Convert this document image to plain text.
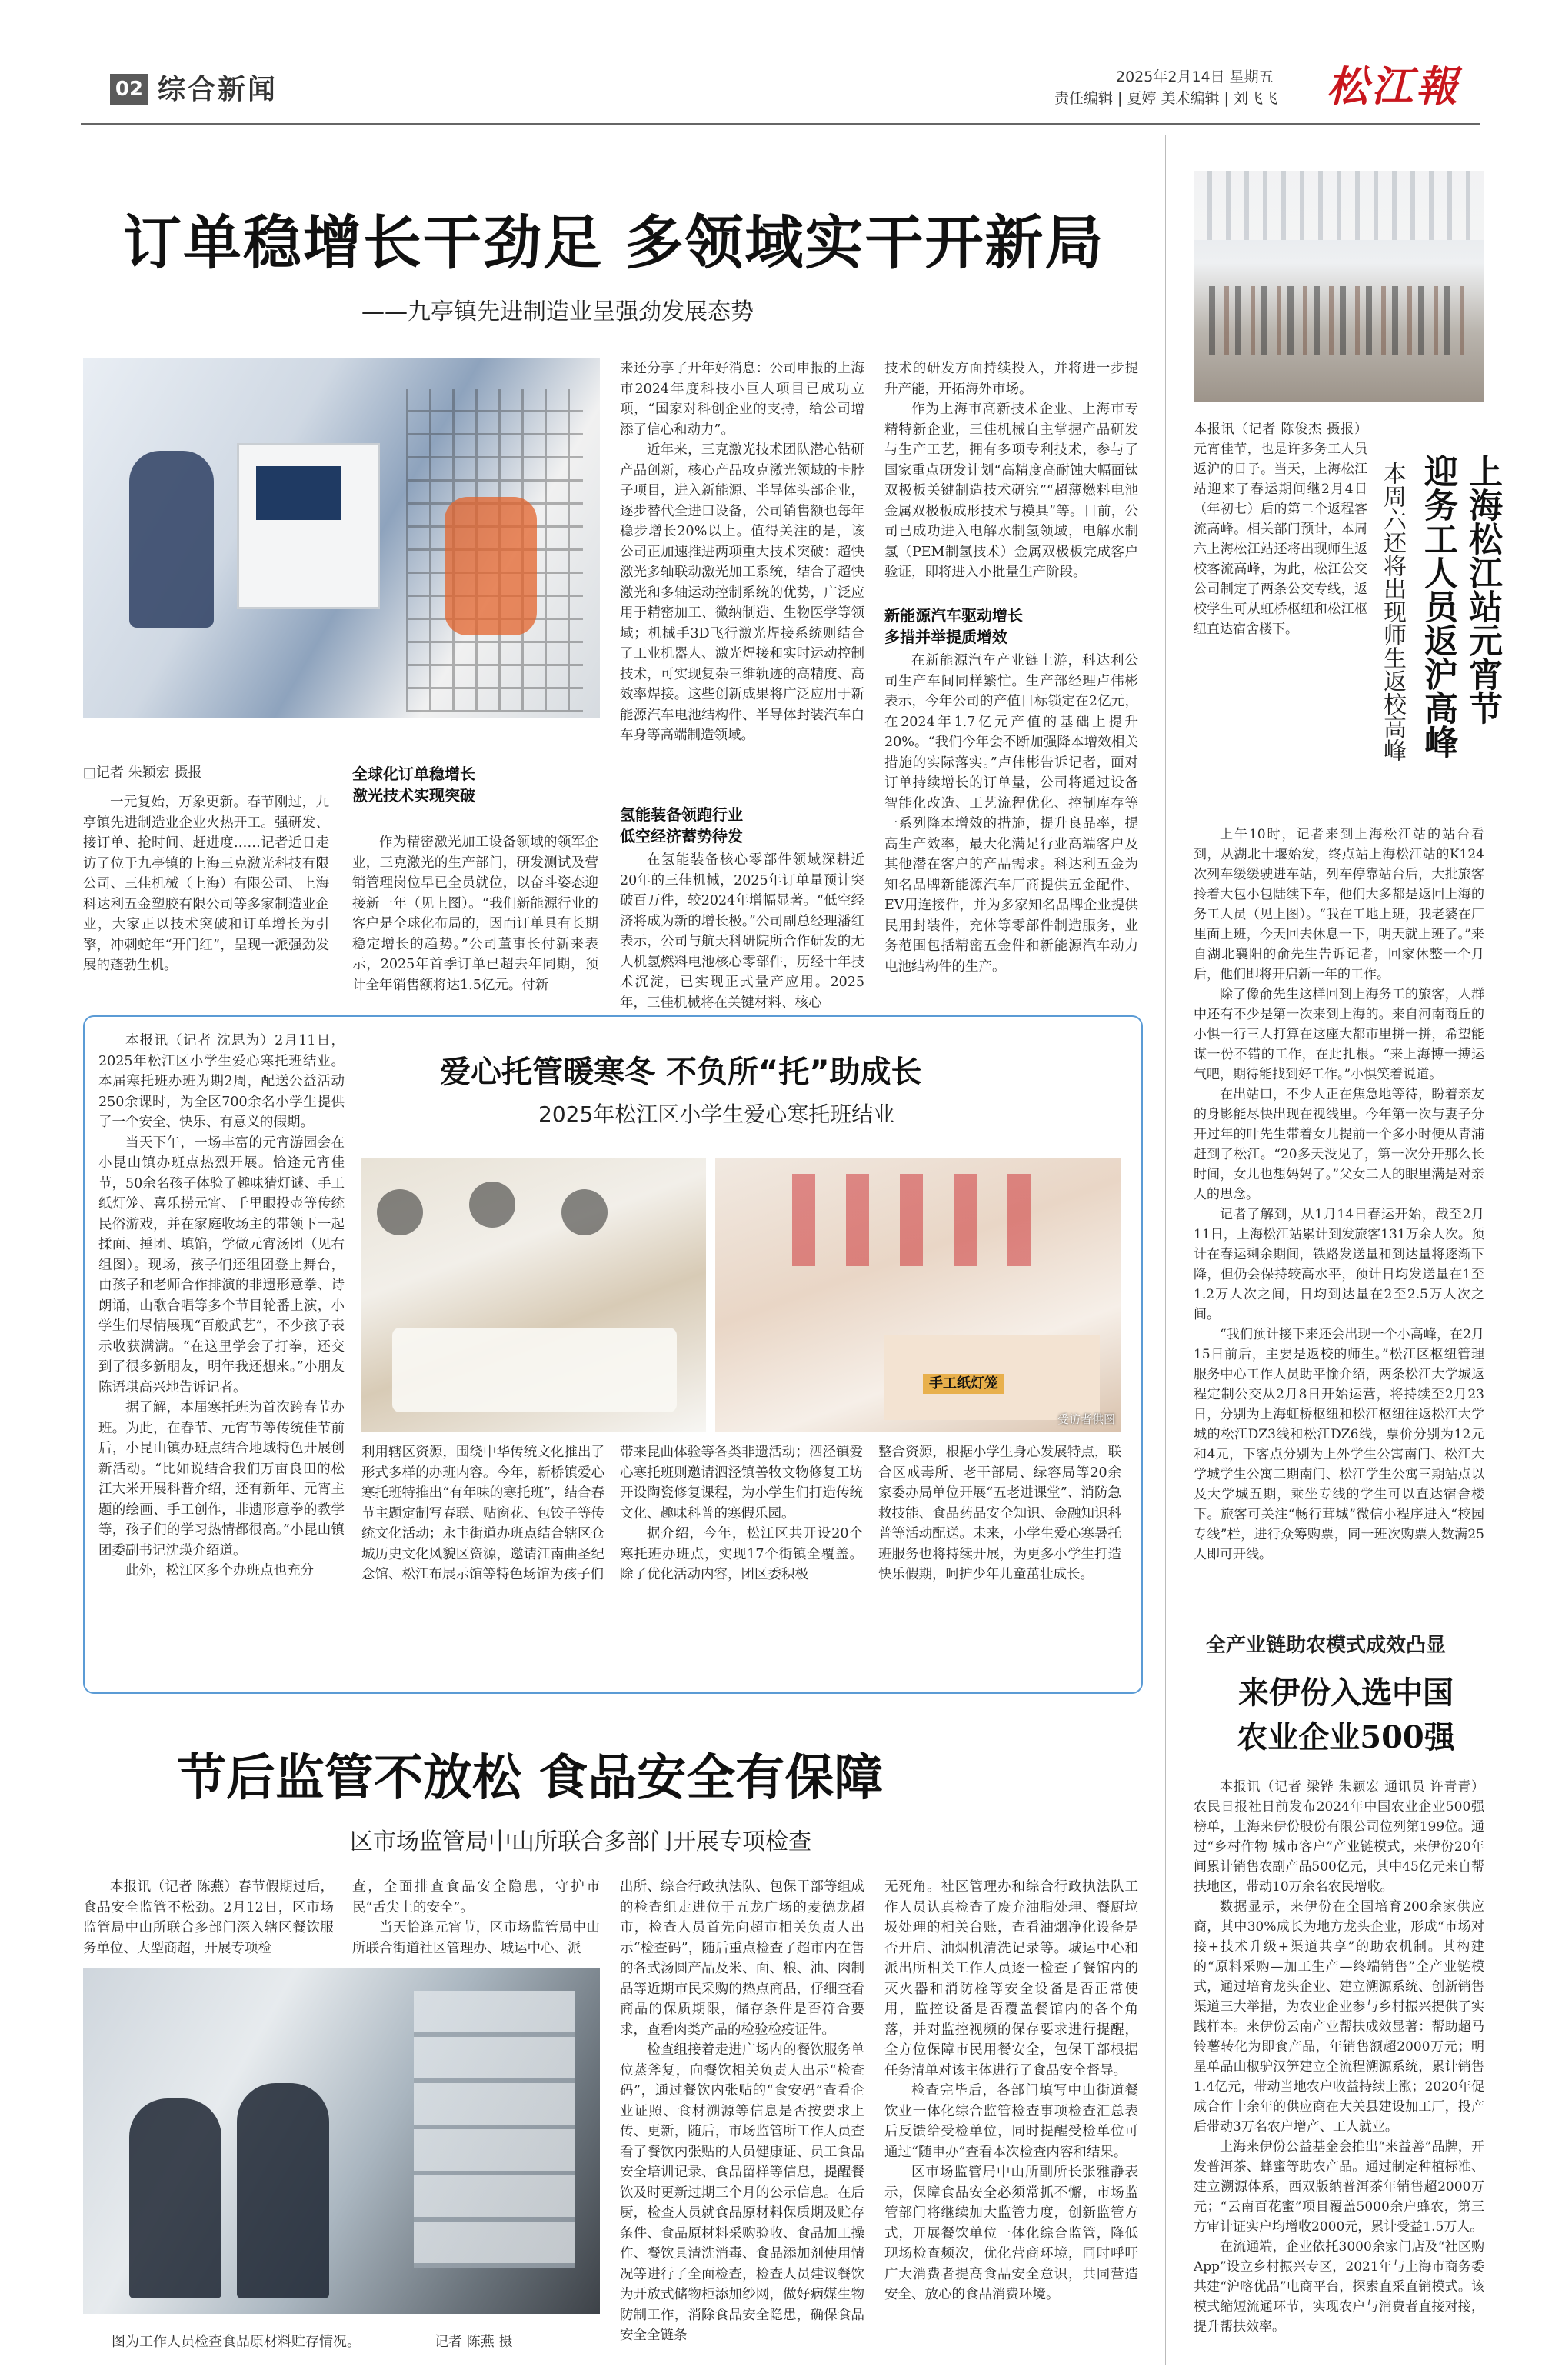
02 综合新闻	2025年2月14日 星期五
责任编辑 | 夏婷 美术编辑 | 刘飞飞 松江報
订单稳增长干劲足 多领域实干开新局
——九亭镇先进制造业呈强劲发展态势
□记者 朱颖宏 摄报

一元复始，万象更新。春节刚过，九亭镇先进制造业企业火热开工。强研发、接订单、抢时间、赶进度……记者近日走访了位于九亭镇的上海三克激光科技有限公司、三佳机械（上海）有限公司、上海科达利五金塑胶有限公司等多家制造业企业，大家正以技术突破和订单增长为引擎，冲刺蛇年“开门红”，呈现一派强劲发展的蓬勃生机。

全球化订单稳增长
激光技术实现突破

作为精密激光加工设备领域的领军企业，三克激光的生产部门，研发测试及营销管理岗位早已全员就位，以奋斗姿态迎接新一年（见上图）。“我们新能源行业的客户是全球化布局的，因而订单具有长期稳定增长的趋势。”公司董事长付新来表示，2025年首季订单已超去年同期，预计全年销售额将达1.5亿元。付新

来还分享了开年好消息：公司申报的上海市2024年度科技小巨人项目已成功立项，“国家对科创企业的支持，给公司增添了信心和动力”。

近年来，三克激光技术团队潜心钻研产品创新，核心产品攻克激光领域的卡脖子项目，进入新能源、半导体头部企业，逐步替代全进口设备，公司销售额也每年稳步增长20%以上。值得关注的是，该公司正加速推进两项重大技术突破：超快激光多轴联动激光加工系统，结合了超快激光和多轴运动控制系统的优势，广泛应用于精密加工、微纳制造、生物医学等领域；机械手3D飞行激光焊接系统则结合了工业机器人、激光焊接和实时运动控制技术，可实现复杂三维轨迹的高精度、高效率焊接。这些创新成果将广泛应用于新能源汽车电池结构件、半导体封装汽车白车身等高端制造领域。

氢能装备领跑行业
低空经济蓄势待发

在氢能装备核心零部件领域深耕近20年的三佳机械，2025年订单量预计突破百万件，较2024年增幅显著。“低空经济将成为新的增长极。”公司副总经理潘红表示，公司与航天科研院所合作研发的无人机氢燃料电池核心零部件，历经十年技术沉淀，已实现正式量产应用。2025年，三佳机械将在关键材料、核心

技术的研发方面持续投入，并将进一步提升产能，开拓海外市场。

作为上海市高新技术企业、上海市专精特新企业，三佳机械自主掌握产品研发与生产工艺，拥有多项专利技术，参与了国家重点研发计划“高精度高耐蚀大幅面钛双极板关键制造技术研究”“超薄燃料电池金属双极板成形技术与模具”等。目前，公司已成功进入电解水制氢领域，电解水制氢（PEM制氢技术）金属双极板完成客户验证，即将进入小批量生产阶段。

新能源汽车驱动增长
多措并举提质增效

在新能源汽车产业链上游，科达利公司生产车间同样繁忙。生产部经理卢伟彬表示，今年公司的产值目标锁定在2亿元，在2024年1.7亿元产值的基础上提升20%。“我们今年会不断加强降本增效相关措施的实际落实。”卢伟彬告诉记者，面对订单持续增长的订单量，公司将通过设备智能化改造、工艺流程优化、控制库存等一系列降本增效的措施，提升良品率，提高生产效率，最大化满足行业高端客户及其他潜在客户的产品需求。科达利五金为知名品牌新能源汽车厂商提供五金配件、EV用连接件，并为多家知名品牌企业提供民用封装件，充体等零部件制造服务，业务范围包括精密五金件和新能源汽车动力电池结构件的生产。

上海松江站元宵节
迎务工人员返沪高峰
本周六还将出现师生返校高峰

本报讯（记者 陈俊杰 摄报）元宵佳节，也是许多务工人员返沪的日子。当天，上海松江站迎来了春运期间继2月4日（年初七）后的第二个返程客流高峰。相关部门预计，本周六上海松江站还将出现师生返校客流高峰，为此，松江公交公司制定了两条公交专线，返校学生可从虹桥枢纽和松江枢纽直达宿舍楼下。

上午10时，记者来到上海松江站的站台看到，从湖北十堰始发，终点站上海松江站的K124次列车缓缓驶进车站，列车停靠站台后，大批旅客拎着大包小包陆续下车，他们大多都是返回上海的务工人员（见上图）。“我在工地上班，我老婆在厂里面上班，今天回去休息一下，明天就上班了。”来自湖北襄阳的俞先生告诉记者，回家休整一个月后，他们即将开启新一年的工作。

除了像俞先生这样回到上海务工的旅客，人群中还有不少是第一次来到上海的。来自河南商丘的小惧一行三人打算在这座大都市里拼一拼，希望能谋一份不错的工作，在此扎根。“来上海博一搏运气吧，期待能找到好工作。”小惧笑着说道。

在出站口，不少人正在焦急地等待，盼着亲友的身影能尽快出现在视线里。今年第一次与妻子分开过年的叶先生带着女儿提前一个多小时便从青浦赶到了松江。“20多天没见了，第一次分开那么长时间，女儿也想妈妈了。”父女二人的眼里满是对亲人的思念。

记者了解到，从1月14日春运开始，截至2月11日，上海松江站累计到发旅客131万余人次。预计在春运剩余期间，铁路发送量和到达量将逐渐下降，但仍会保持较高水平，预计日均发送量在1至1.2万人次之间，日均到达量在2至2.5万人次之间。

“我们预计接下来还会出现一个小高峰，在2月15日前后，主要是返校的师生。”松江区枢纽管理服务中心工作人员助平愉介绍，两条松江大学城返程定制公交从2月8日开始运营，将持续至2月23日，分别为上海虹桥枢纽和松江枢纽往返松江大学城的松江DZ3线和松江DZ6线，票价分别为12元和4元，下客点分别为上外学生公寓南门、松江大学城学生公寓二期南门、松江学生公寓三期站点以及大学城五期，乘坐专线的学生可以直达宿舍楼下。旅客可关注“畅行茸城”微信小程序进入“校园专线”栏，进行众筹购票，同一班次购票人数满25人即可开线。

本报讯（记者 沈思为）2月11日，2025年松江区小学生爱心寒托班结业。本届寒托班办班为期2周，配送公益活动250余课时，为全区700余名小学生提供了一个安全、快乐、有意义的假期。

当天下午，一场丰富的元宵游园会在小昆山镇办班点热烈开展。恰逢元宵佳节，50余名孩子体验了趣味猜灯谜、手工纸灯笼、喜乐捞元宵、千里眼投壶等传统民俗游戏，并在家庭收场主的带领下一起揉面、捶团、填馅，学做元宵汤团（见右组图）。现场，孩子们还组团登上舞台，由孩子和老师合作排演的非遗形意拳、诗朗诵，山歌合唱等多个节目轮番上演，小学生们尽情展现“百般武艺”，不少孩子表示收获满满。“在这里学会了打拳，还交到了很多新朋友，明年我还想来。”小朋友陈语琪高兴地告诉记者。

据了解，本届寒托班为首次跨春节办班。为此，在春节、元宵节等传统佳节前后，小昆山镇办班点结合地域特色开展创新活动。“比如说结合我们万亩良田的松江大米开展科普介绍，还有新年、元宵主题的绘画、手工创作，非遗形意拳的教学等，孩子们的学习热情都很高。”小昆山镇团委副书记沈瑛介绍道。

此外，松江区多个办班点也充分

爱心托管暖寒冬 不负所“托”助成长
2025年松江区小学生爱心寒托班结业
手工纸灯笼
受访者供图

利用辖区资源，围绕中华传统文化推出了形式多样的办班内容。今年，新桥镇爱心寒托班特推出“有年味的寒托班”，结合春节主题定制写春联、贴窗花、包饺子等传统文化活动；永丰街道办班点结合辖区仓城历史文化风貌区资源，邀请江南曲圣纪念馆、松江布展示馆等特色场馆为孩子们

带来昆曲体验等各类非遗活动；泗泾镇爱心寒托班则邀请泗泾镇善牧文物修复工坊开设陶瓷修复课程，为小学生们打造传统文化、趣味科普的寒假乐园。

据介绍，今年，松江区共开设20个寒托班办班点，实现17个街镇全覆盖。除了优化活动内容，团区委积极

整合资源，根据小学生身心发展特点，联合区戒毒所、老干部局、绿容局等20余家委办局单位开展“五老进课堂”、消防急救技能、食品药品安全知识、金融知识科普等活动配送。未来，小学生爱心寒暑托班服务也将持续开展，为更多小学生打造快乐假期，呵护少年儿童茁壮成长。

全产业链助农模式成效凸显
来伊份入选中国
农业企业500强

本报讯（记者 梁铧 朱颖宏 通讯员 许青青）农民日报社日前发布2024年中国农业企业500强榜单，上海来伊份股份有限公司位列第199位。通过“乡村作物 城市客户”产业链模式，来伊份20年间累计销售农副产品500亿元，其中45亿元来自帮扶地区，带动10万余名农民增收。

数据显示，来伊份在全国培育200余家供应商，其中30%成长为地方龙头企业，形成“市场对接+技术升级+渠道共享”的助农机制。其构建的“原料采购—加工生产—终端销售”全产业链模式，通过培育龙头企业、建立溯源系统、创新销售渠道三大举措，为农业企业参与乡村振兴提供了实践样本。来伊份云南产业帮扶成效显著：帮助超马铃薯转化为即食产品，年销售额超2000万元；明星单品山椒驴汉笋建立全流程溯源系统，累计销售1.4亿元，带动当地农户收益持续上涨；2020年促成合作十余年的供应商在大关县建设加工厂，投产后带动3万名农户增产、工人就业。

上海来伊份公益基金会推出“来益善”品牌，开发普洱茶、蜂蜜等助农产品。通过制定种植标准、建立溯源体系，西双版纳普洱茶年销售超2000万元；“云南百花蜜”项目覆盖5000余户蜂农，第三方审计证实户均增收2000元，累计受益1.5万人。

在流通端，企业依托3000余家门店及“社区购App”设立乡村振兴专区，2021年与上海市商务委共建“沪喀优品”电商平台，探索直采直销模式。该模式缩短流通环节，实现农户与消费者直接对接，提升帮扶效率。

节后监管不放松 食品安全有保障
区市场监管局中山所联合多部门开展专项检查

本报讯（记者 陈燕）春节假期过后，食品安全监管不松劲。2月12日，区市场监管局中山所联合多部门深入辖区餐饮服务单位、大型商超，开展专项检

查，全面排查食品安全隐患，守护市民“舌尖上的安全”。

当天恰逢元宵节，区市场监管局中山所联合街道社区管理办、城运中心、派

图为工作人员检查食品原材料贮存情况。	记者 陈燕 摄

出所、综合行政执法队、包保干部等组成的检查组走进位于五龙广场的麦德龙超市，检查人员首先向超市相关负责人出示“检查码”，随后重点检查了超市内在售的各式汤圆产品及米、面、粮、油、肉制品等近期市民采购的热点商品，仔细查看商品的保质期限，储存条件是否符合要求，查看肉类产品的检验检疫证件。

检查组接着走进广场内的餐饮服务单位蒸斧复，向餐饮相关负责人出示“检查码”，通过餐饮内张贴的“食安码”查看企业证照、食材溯源等信息是否按要求上传、更新，随后，市场监管所工作人员查看了餐饮内张贴的人员健康证、员工食品安全培训记录、食品留样等信息，提醒餐饮及时更新过期三个月的公示信息。在后厨，检查人员就食品原材料保质期及贮存条件、食品原材料采购验收、食品加工操作、餐饮具清洗消毒、食品添加剂使用情况等进行了全面检查，检查人员建议餐饮为开放式储物柜添加纱网，做好病媒生物防制工作，消除食品安全隐患，确保食品安全全链条

无死角。社区管理办和综合行政执法队工作人员认真检查了废弃油脂处理、餐厨垃圾处理的相关台账，查看油烟净化设备是否开启、油烟机清洗记录等。城运中心和派出所相关工作人员逐一检查了餐馆内的灭火器和消防栓等安全设备是否正常使用，监控设备是否覆盖餐馆内的各个角落，并对监控视频的保存要求进行提醒，全方位保障市民用餐安全，包保干部根据任务清单对该主体进行了食品安全督导。

检查完毕后，各部门填写中山街道餐饮业一体化综合监管检查事项检查汇总表后反馈给受检单位，同时提醒受检单位可通过“随申办”查看本次检查内容和结果。

区市场监管局中山所副所长张雅静表示，保障食品安全必须常抓不懈，市场监管部门将继续加大监管力度，创新监管方式，开展餐饮单位一体化综合监管，降低现场检查频次，优化营商环境，同时呼吁广大消费者提高食品安全意识，共同营造安全、放心的食品消费环境。
